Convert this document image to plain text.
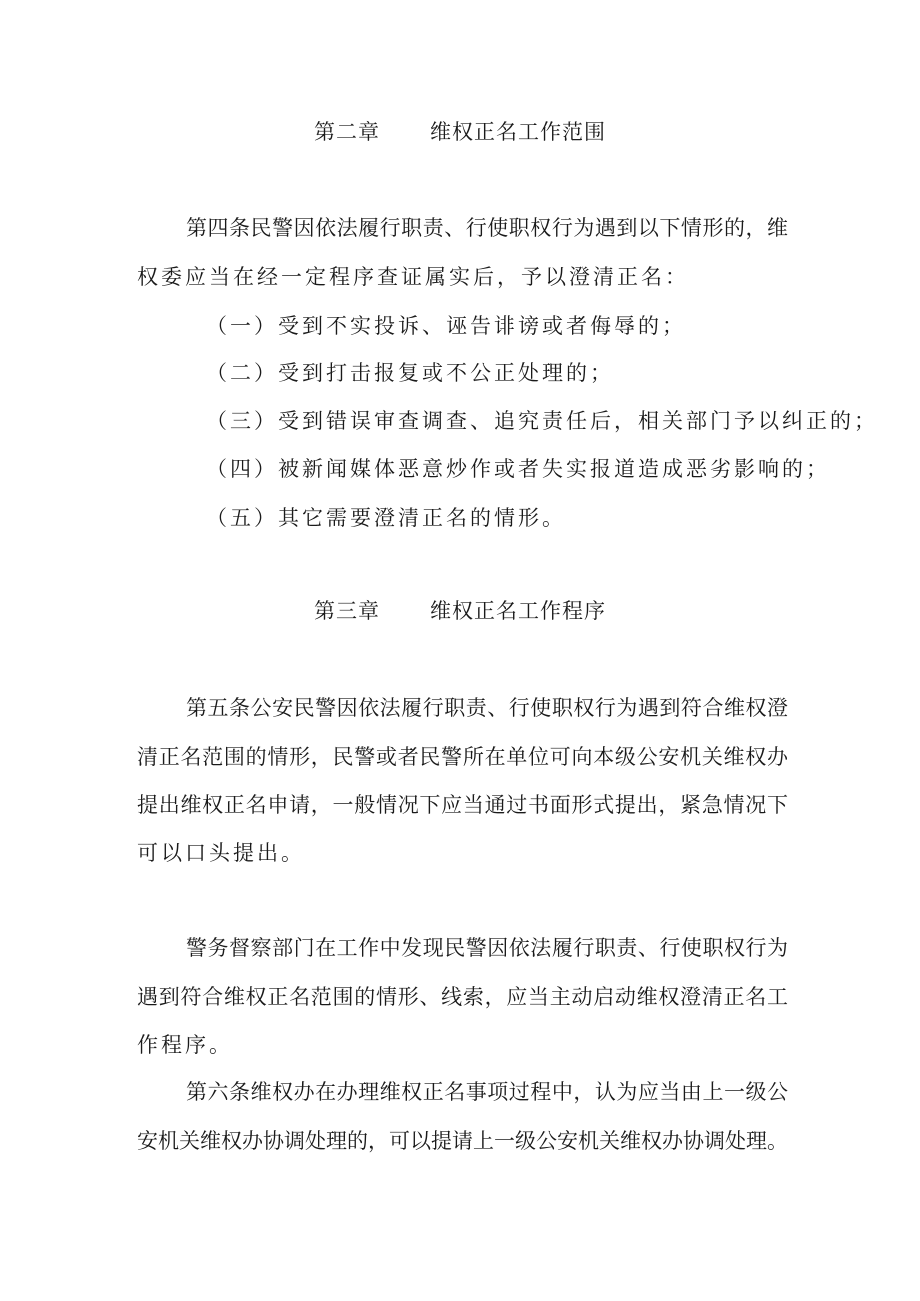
第二章 维权正名工作范围
第四条民警因依法履行职责、行使职权行为遇到以下情形的，维
权委应当在经一定程序查证属实后，予以澄清正名：
（一）受到不实投诉、诬告诽谤或者侮辱的；
（二）受到打击报复或不公正处理的；
（三）受到错误审查调查、追究责任后，相关部门予以纠正的；
（四）被新闻媒体恶意炒作或者失实报道造成恶劣影响的；
（五）其它需要澄清正名的情形。
第三章 维权正名工作程序
第五条公安民警因依法履行职责、行使职权行为遇到符合维权澄
清正名范围的情形，民警或者民警所在单位可向本级公安机关维权办
提出维权正名申请，一般情况下应当通过书面形式提出，紧急情况下
可以口头提出。
警务督察部门在工作中发现民警因依法履行职责、行使职权行为
遇到符合维权正名范围的情形、线索，应当主动启动维权澄清正名工
作程序。
第六条维权办在办理维权正名事项过程中，认为应当由上一级公
安机关维权办协调处理的，可以提请上一级公安机关维权办协调处理。
